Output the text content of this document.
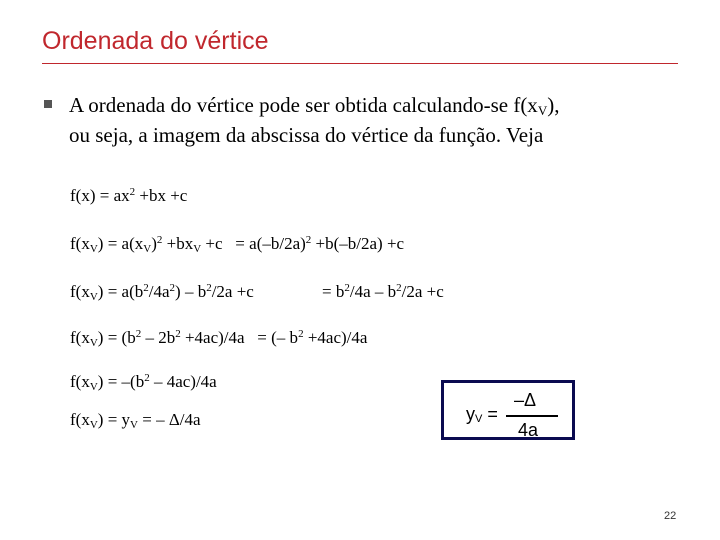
Ordenada do vértice
A ordenada do vértice pode ser obtida calculando-se $f(x_V)$,
ou seja, a imagem da abscissa do vértice da função. Veja
$f(x) = ax^2 +bx +c$
$f(x_V) = a(x_V)^2 +bx_V +c = a(-b/2a)^2 +b(-b/2a) +c$
$f(x_V) = a(b^2/4a^2) - b^2/2a +c$	= $b^2/4a - b^2/2a +c$
$f(x_V) = (b^2 - 2b^2 +4ac)/4a$   = (– $b^2 +4ac)/4a$
$f(x_V) = -(b^2 - 4ac)/4a$
$f(x_V) = y_V$ = – Δ/4a	$y_V$ =
–Δ
4a
22
